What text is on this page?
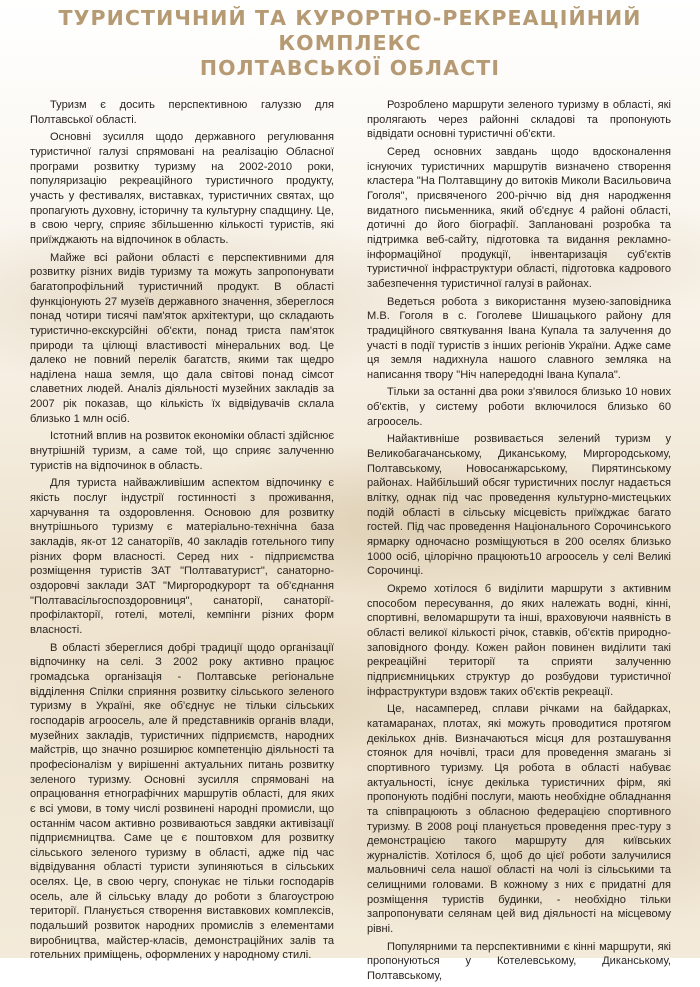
ТУРИСТИЧНИЙ ТА КУРОРТНО-РЕКРЕАЦІЙНИЙ КОМПЛЕКС
ПОЛТАВСЬКОЇ ОБЛАСТІ

Туризм є досить перспективною галуззю для Полтавської області.

Основні зусилля щодо державного регулювання туристичної галузі спрямовані на реалізацію Обласної програми розвитку туризму на 2002-2010 роки, популяризацію рекреаційного туристичного продукту, участь у фестивалях, виставках, туристичних святах, що пропагують духовну, історичну та культурну спадщину. Це, в свою чергу, сприяє збільшенню кількості туристів, які приїжджають на відпочинок в область.

Майже всі райони області є перспективними для розвитку різних видів туризму та можуть запропонувати багатопрофільний туристичний продукт. В області функціонують 27 музеїв державного значення, збереглося понад чотири тисячі пам'яток архітектури, що складають туристично-екскурсійні об'єкти, понад триста пам'яток природи та цілющі властивості мінеральних вод. Це далеко не повний перелік багатств, якими так щедро наділена наша земля, що дала світові понад сімсот славетних людей. Аналіз діяльності музейних закладів за 2007 рік показав, що кількість їх відвідувачів склала близько 1 млн осіб.

Істотний вплив на розвиток економіки області здійснює внутрішній туризм, а саме той, що сприяє залученню туристів на відпочинок в область.

Для туриста найважливішим аспектом відпочинку є якість послуг індустрії гостинності з проживання, харчування та оздоровлення. Основою для розвитку внутрішнього туризму є матеріально-технічна база закладів, як-от 12 санаторіїв, 40 закладів готельного типу різних форм власності. Серед них - підприємства розміщення туристів ЗАТ "Полтаватурист", санаторно-оздоровчі заклади ЗАТ "Миргородкурорт та об'єднання "Полтавасільгоспоздоровниця", санаторії, санаторії-профілакторії, готелі, мотелі, кемпінги різних форм власності.

В області збереглися добрі традиції щодо організації відпочинку на селі. З 2002 року активно працює громадська організація - Полтавське регіональне відділення Спілки сприяння розвитку сільського зеленого туризму в Україні, яке об'єднує не тільки сільських господарів агроосель, але й представників органів влади, музейних закладів, туристичних підприємств, народних майстрів, що значно розширює компетенцію діяльності та професіоналізм у вирішенні актуальних питань розвитку зеленого туризму. Основні зусилля спрямовані на опрацювання етнографічних маршрутів області, для яких є всі умови, в тому числі розвинені народні промисли, що останнім часом активно розвиваються завдяки активізації підприємництва. Саме це є поштовхом для розвитку сільського зеленого туризму в області, адже під час відвідування області туристи зупиняються в сільських оселях. Це, в свою чергу, спонукає не тільки господарів осель, але й сільську владу до роботи з благоустрою території. Планується створення виставкових комплексів, подальший розвиток народних промислів з елементами виробництва, майстер-класів, демонстраційних залів та готельних приміщень, оформлених у народному стилі.

Розроблено маршрути зеленого туризму в області, які пролягають через районні складові та пропонують відвідати основні туристичні об'єкти.

Серед основних завдань щодо вдосконалення існуючих туристичних маршрутів визначено створення кластера "На Полтавщину до витоків Миколи Васильовича Гоголя", присвяченого 200-річчю від дня народження видатного письменника, який об'єднує 4 районі області, дотичні до його біографії. Заплановані розробка та підтримка веб-сайту, підготовка та видання рекламно-інформаційної продукції, інвентаризація суб'єктів туристичної інфраструктури області, підготовка кадрового забезпечення туристичної галузі в районах.

Ведеться робота з використання музею-заповідника М.В. Гоголя в с. Гоголеве Шишацького району для традиційного святкування Івана Купала та залучення до участі в події туристів з інших регіонів України. Адже саме ця земля надихнула нашого славного земляка на написання твору "Ніч напередодні Івана Купала".

Тільки за останні два роки з'явилося близько 10 нових об'єктів, у систему роботи включилося близько 60 агроосель.

Найактивніше розвивається зелений туризм у Великобагачанському, Диканському, Миргородському, Полтавському, Новосанжарському, Пирятинському районах. Найбільший обсяг туристичних послуг надається влітку, однак під час проведення культурно-мистецьких подій області в сільську місцевість приїжджає багато гостей. Під час проведення Національного Сорочинського ярмарку одночасно розміщуються в 200 оселях близько 1000 осіб, цілорічно працюють10 агроосель у селі Великі Сорочинці.

Окремо хотілося б виділити маршрути з активним способом пересування, до яких належать водні, кінні, спортивні, веломаршрути та інші, враховуючи наявність в області великої кількості річок, ставків, об'єктів природно-заповідного фонду. Кожен район повинен виділити такі рекреаційні території та сприяти залученню підприємницьких структур до розбудови туристичної інфраструктури вздовж таких об'єктів рекреації.

Це, насамперед, сплави річками на байдарках, катамаранах, плотах, які можуть проводитися протягом декількох днів. Визначаються місця для розташування стоянок для ночівлі, траси для проведення змагань зі спортивного туризму. Ця робота в області набуває актуальності, існує декілька туристичних фірм, які пропонують подібні послуги, мають необхідне обладнання та співпрацюють з обласною федерацією спортивного туризму. В 2008 році планується проведення прес-туру з демонстрацією такого маршруту для київських журналістів. Хотілося б, щоб до цієї роботи залучилися мальовничі села нашої області на чолі із сільськими та селищними головами. В кожному з них є придатні для розміщення туристів будинки, - необхідно тільки запропонувати селянам цей вид діяльності на місцевому рівні.

Популярними та перспективними є кінні маршрути, які пропонуються у Котелевському, Диканському, Полтавському,
